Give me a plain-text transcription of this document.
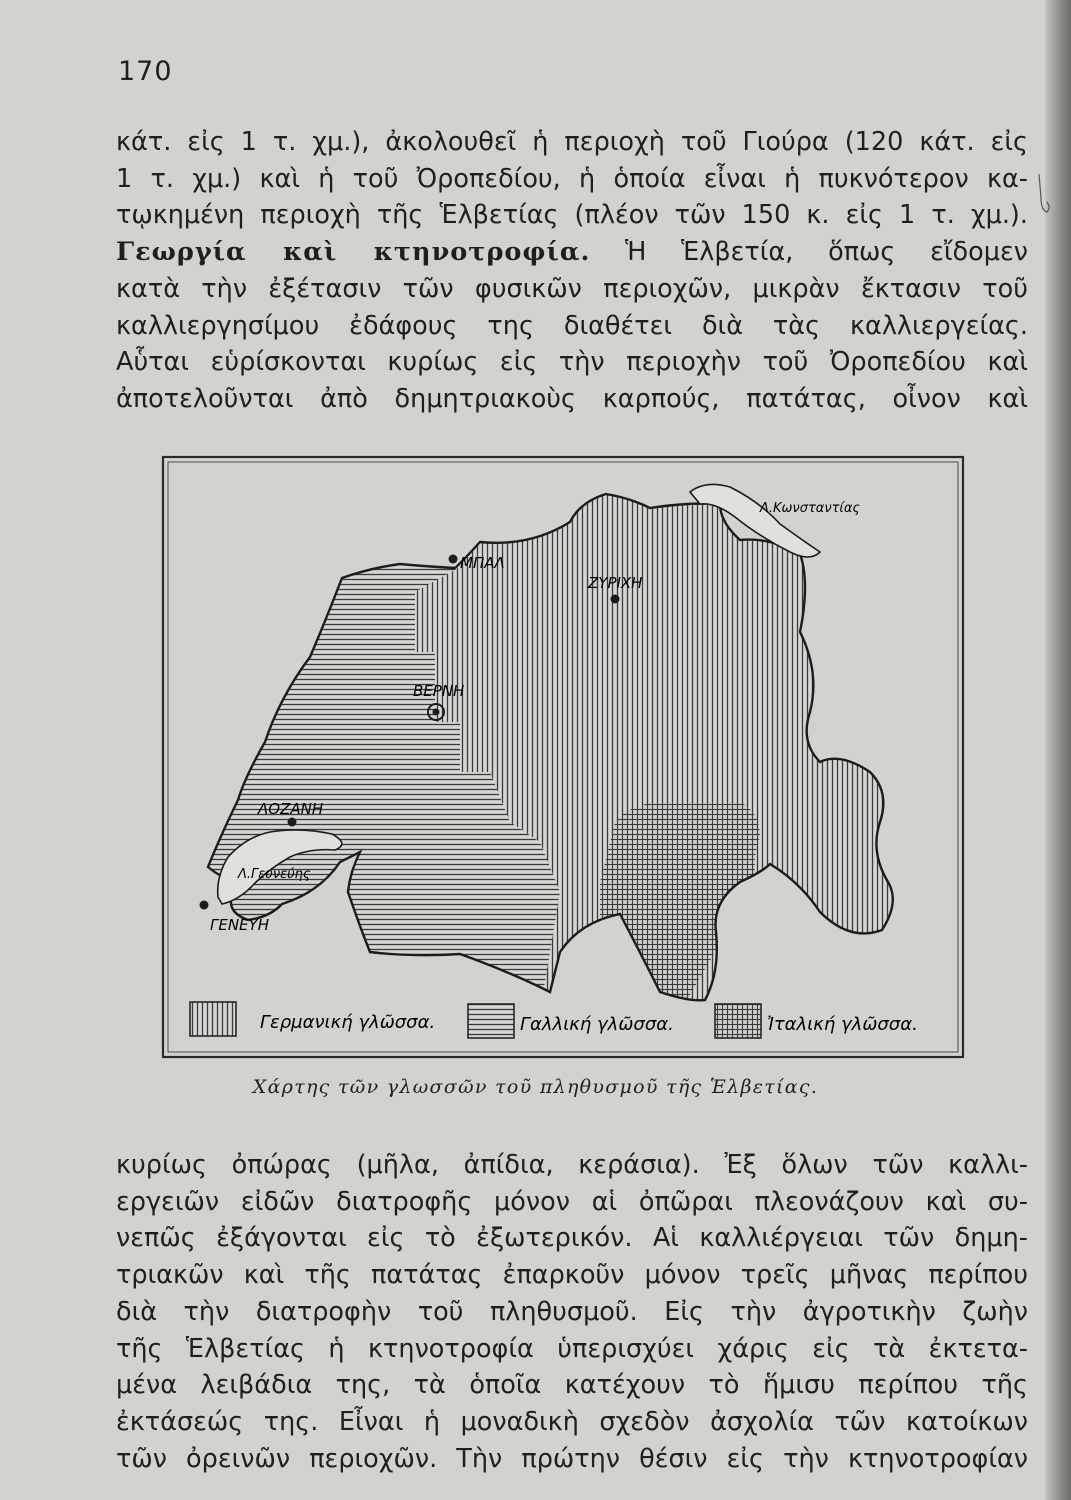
170
κάτ. εἰς 1 τ. χμ.), ἀκολουθεῖ ἡ περιοχὴ τοῦ Γιούρα (120 κάτ. εἰς
1 τ. χμ.) καὶ ἡ τοῦ Ὀροπεδίου, ἡ ὁποία εἶναι ἡ πυκνότερον κα-
τῳκημένη περιοχὴ τῆς Ἑλβετίας (πλέον τῶν 150 κ. εἰς 1 τ. χμ.).
Γεωργία καὶ κτηνοτροφία. Ἡ Ἑλβετία, ὅπως εἴδομεν
κατὰ τὴν ἐξέτασιν τῶν φυσικῶν περιοχῶν, μικρὰν ἔκτασιν τοῦ
καλλιεργησίμου ἐδάφους της διαθέτει διὰ τὰς καλλιεργείας.
Αὗται εὑρίσκονται κυρίως εἰς τὴν περιοχὴν τοῦ Ὀροπεδίου καὶ
ἀποτελοῦνται ἀπὸ δημητριακοὺς καρπούς, πατάτας, οἶνον καὶ
Λ.Κωνσταντίας
Λ.Γευνεύης
ΜΠΑΛ
ΖΥΡΙΧΗ
ΒΕΡΝΗ
ΛΟΖΑΝΗ
ΓΕΝΕΥΗ
Γερμανική γλῶσσα.	Γαλλική γλῶσσα.	Ἰταλική γλῶσσα.
Χάρτης τῶν γλωσσῶν τοῦ πληθυσμοῦ τῆς Ἑλβετίας.
κυρίως ὀπώρας (μῆλα, ἀπίδια, κεράσια). Ἐξ ὅλων τῶν καλλι-
εργειῶν εἰδῶν διατροφῆς μόνον αἱ ὀπῶραι πλεονάζουν καὶ συ-
νεπῶς ἐξάγονται εἰς τὸ ἐξωτερικόν. Αἱ καλλιέργειαι τῶν δημη-
τριακῶν καὶ τῆς πατάτας ἐπαρκοῦν μόνον τρεῖς μῆνας περίπου
διὰ τὴν διατροφὴν τοῦ πληθυσμοῦ. Εἰς τὴν ἀγροτικὴν ζωὴν
τῆς Ἑλβετίας ἡ κτηνοτροφία ὑπερισχύει χάρις εἰς τὰ ἐκτετα-
μένα λειβάδια της, τὰ ὁποῖα κατέχουν τὸ ἥμισυ περίπου τῆς
ἐκτάσεώς της. Εἶναι ἡ μοναδικὴ σχεδὸν ἀσχολία τῶν κατοίκων
τῶν ὀρεινῶν περιοχῶν. Τὴν πρώτην θέσιν εἰς τὴν κτηνοτροφίαν
